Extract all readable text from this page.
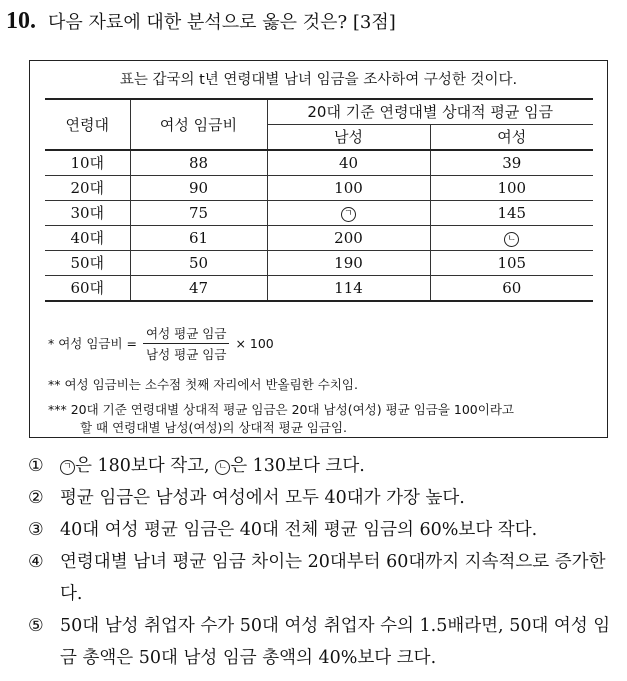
10. 다음 자료에 대한 분석으로 옳은 것은? [3점]
표는 갑국의 t년 연령대별 남녀 임금을 조사하여 구성한 것이다.
연령대	여성 임금비	20대 기준 연령대별 상대적 평균 임금	
		남성	여성
10대	88	40	39
20대	90	100	100
30대	75	ㄱ	145
40대	61	200	ㄴ
50대	50	190	105
60대	47	114	60
* 여성 임금비 = $\frac{\text{여성 평균 임금}}{\text{남성 평균 임금}} \times 100$
** 여성 임금비는 소수점 첫째 자리에서 반올림한 수치임.
*** 20대 기준 연령대별 상대적 평균 임금은 20대 남성(여성) 평균 임금을 100이라고
할 때 연령대별 남성(여성)의 상대적 평균 임금임.
①	ㄱ 은 180보다 작고, ㄴ 은 130보다 크다.
② 평균 임금은 남성과 여성에서 모두 40대가 가장 높다.
③ 40대 여성 평균 임금은 40대 전체 평균 임금의 60%보다 작다.
④ 연령대별 남녀 평균 임금 차이는 20대부터 60대까지 지속적으로 증가한다.
⑤ 50대 남성 취업자 수가 50대 여성 취업자 수의 1.5배라면, 50대 여성 임금 총액은 50대 남성 임금 총액의 40%보다 크다.
